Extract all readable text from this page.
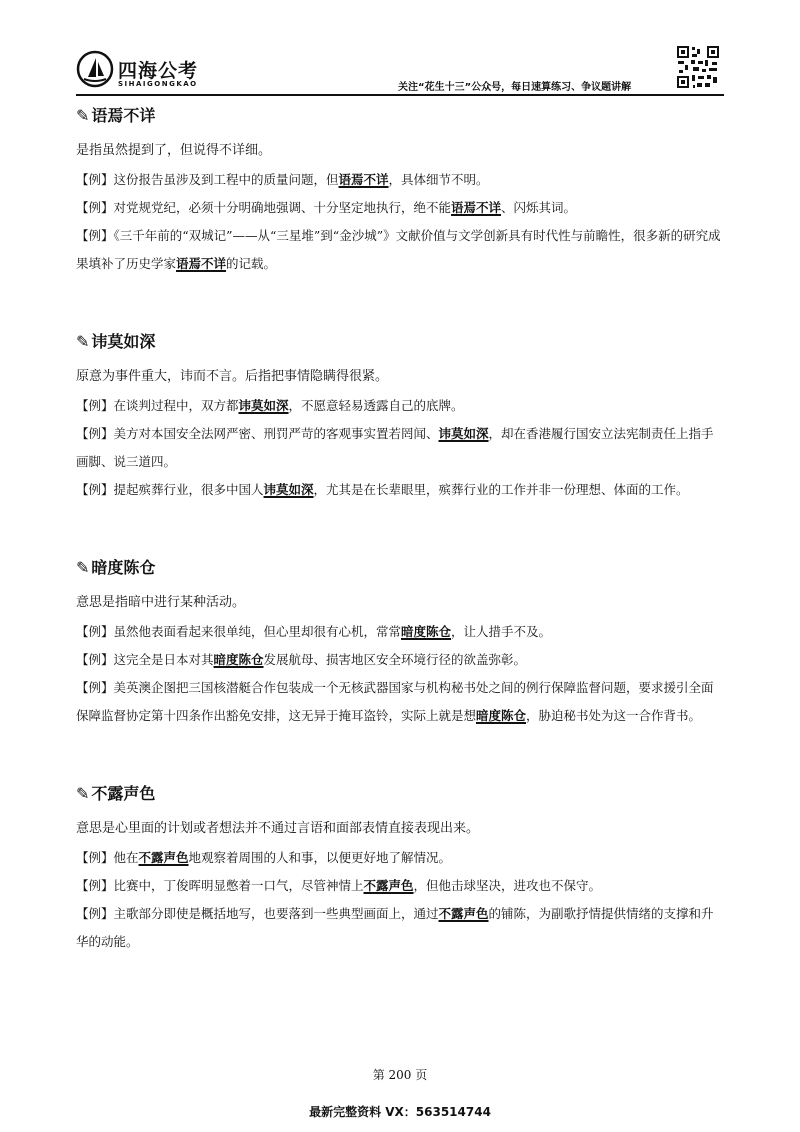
四海公考
SIHAIGONGKAO	关注“花生十三”公众号，每日速算练习、争议题讲解
✎ 语焉不详
是指虽然提到了，但说得不详细。

【例】这份报告虽涉及到工程中的质量问题，但语焉不详，具体细节不明。

【例】对党规党纪，必须十分明确地强调、十分坚定地执行，绝不能语焉不详、闪烁其词。

【例】《三千年前的“双城记”——从“三星堆”到“金沙城”》文献价值与文学创新具有时代性与前瞻性，很多新的研究成果填补了历史学家语焉不详的记载。

✎ 讳莫如深
原意为事件重大，讳而不言。后指把事情隐瞒得很紧。

【例】在谈判过程中，双方都讳莫如深，不愿意轻易透露自己的底牌。

【例】美方对本国安全法网严密、刑罚严苛的客观事实置若罔闻、讳莫如深，却在香港履行国安立法宪制责任上指手画脚、说三道四。

【例】提起殡葬行业，很多中国人讳莫如深，尤其是在长辈眼里，殡葬行业的工作并非一份理想、体面的工作。

✎ 暗度陈仓
意思是指暗中进行某种活动。

【例】虽然他表面看起来很单纯，但心里却很有心机，常常暗度陈仓，让人措手不及。

【例】这完全是日本对其暗度陈仓发展航母、损害地区安全环境行径的欲盖弥彰。

【例】美英澳企图把三国核潜艇合作包装成一个无核武器国家与机构秘书处之间的例行保障监督问题，要求援引全面保障监督协定第十四条作出豁免安排，这无异于掩耳盗铃，实际上就是想暗度陈仓，胁迫秘书处为这一合作背书。

✎ 不露声色
意思是心里面的计划或者想法并不通过言语和面部表情直接表现出来。

【例】他在不露声色地观察着周围的人和事，以便更好地了解情况。

【例】比赛中，丁俊晖明显憋着一口气，尽管神情上不露声色，但他击球坚决，进攻也不保守。

【例】主歌部分即使是概括地写，也要落到一些典型画面上，通过不露声色的铺陈，为副歌抒情提供情绪的支撑和升华的动能。

第 200 页
最新完整资料 VX：563514744
